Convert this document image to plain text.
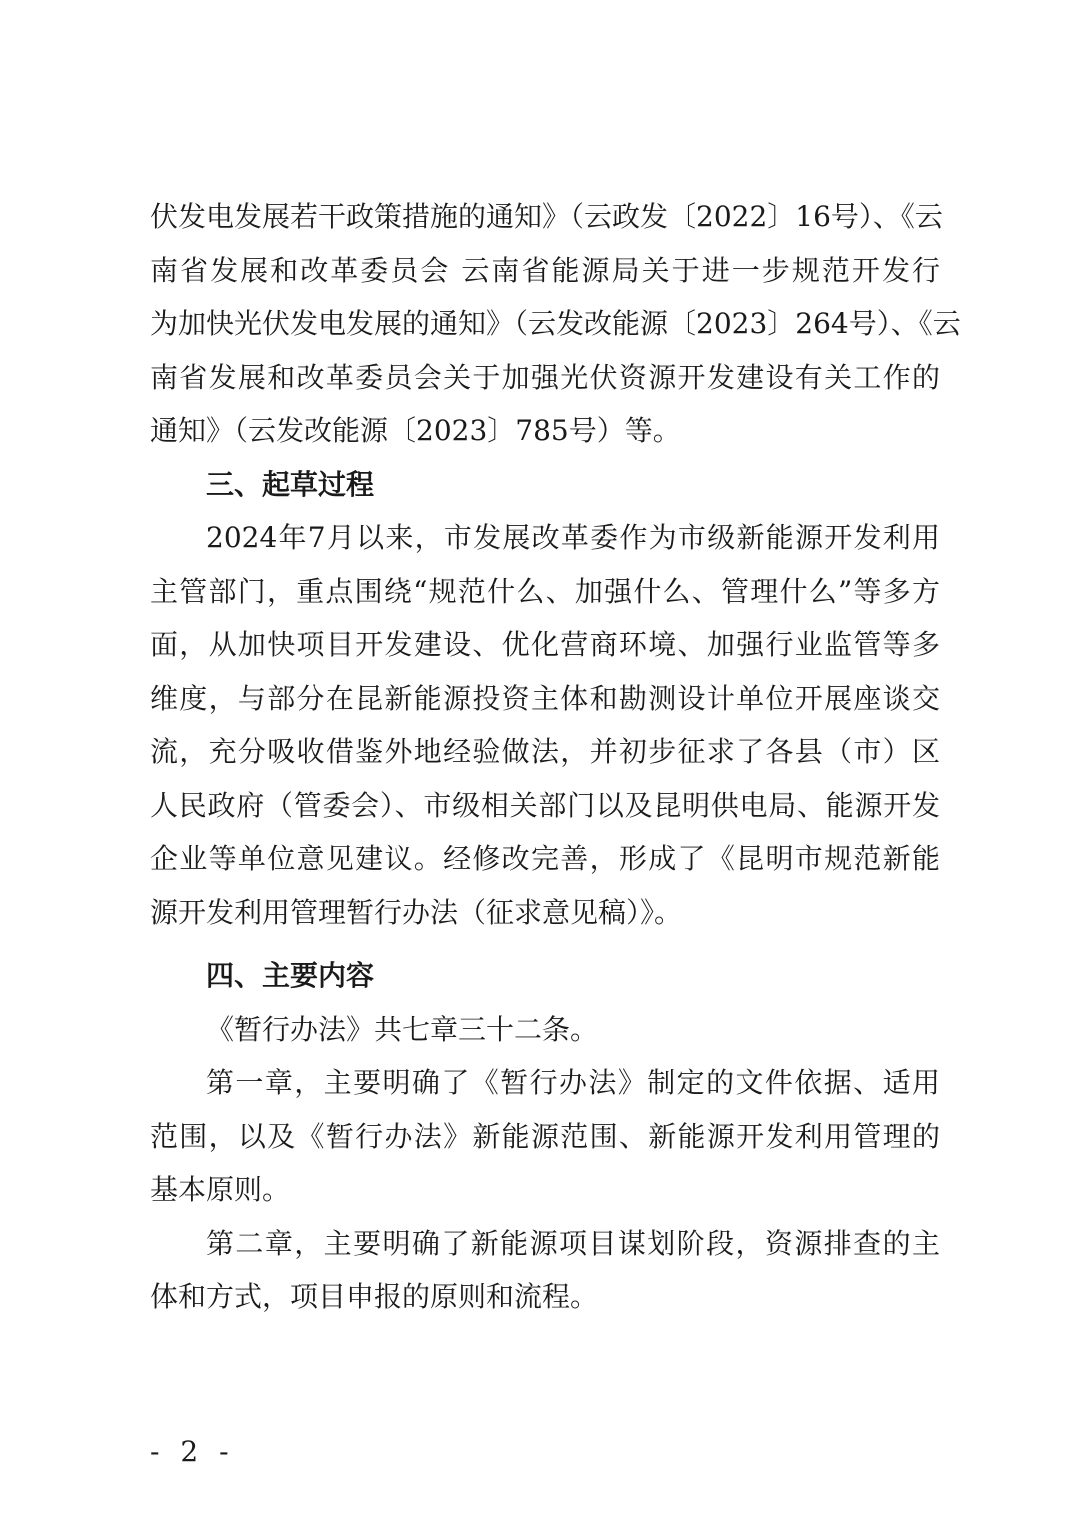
伏发电发展若干政策措施的通知》（云政发〔2022〕16号）、《云
南省发展和改革委员会 云南省能源局关于进一步规范开发行
为加快光伏发电发展的通知》（云发改能源〔2023〕264号）、《云
南省发展和改革委员会关于加强光伏资源开发建设有关工作的
通知》（云发改能源〔2023〕785号）等。
三、起草过程
2024年7月以来，市发展改革委作为市级新能源开发利用
主管部门，重点围绕“规范什么、加强什么、管理什么”等多方
面，从加快项目开发建设、优化营商环境、加强行业监管等多
维度，与部分在昆新能源投资主体和勘测设计单位开展座谈交
流，充分吸收借鉴外地经验做法，并初步征求了各县（市）区
人民政府（管委会）、市级相关部门以及昆明供电局、能源开发
企业等单位意见建议。经修改完善，形成了《昆明市规范新能
源开发利用管理暂行办法（征求意见稿）》。
四、主要内容
《暂行办法》共七章三十二条。
第一章，主要明确了《暂行办法》制定的文件依据、适用
范围，以及《暂行办法》新能源范围、新能源开发利用管理的
基本原则。
第二章，主要明确了新能源项目谋划阶段，资源排查的主
体和方式，项目申报的原则和流程。
- 2 -
